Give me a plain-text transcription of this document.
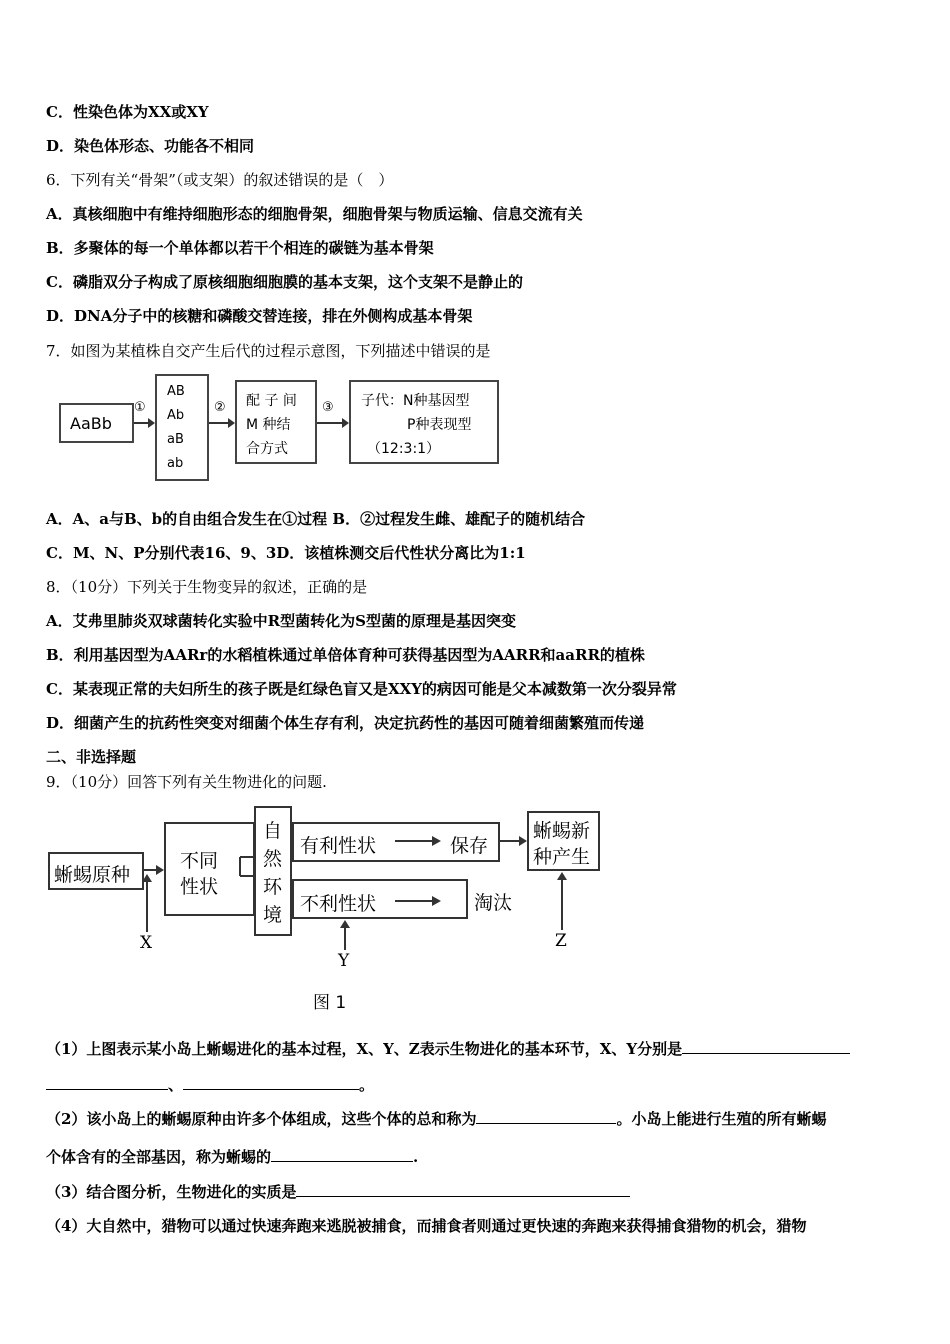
C．性染色体为XX或XY
D．染色体形态、功能各不相同
6．下列有关“骨架”（或支架）的叙述错误的是（　）
A．真核细胞中有维持细胞形态的细胞骨架，细胞骨架与物质运输、信息交流有关
B．多聚体的每一个单体都以若干个相连的碳链为基本骨架
C．磷脂双分子构成了原核细胞细胞膜的基本支架，这个支架不是静止的
D．DNA分子中的核糖和磷酸交替连接，排在外侧构成基本骨架
7．如图为某植株自交产生后代的过程示意图，下列描述中错误的是
AaBb
①	②	③
AB
Ab
aB
ab
配 子 间
M 种结
合方式
子代：N种基因型
P种表现型
（12:3:1）
A．A、a与B、b的自由组合发生在①过程 B．②过程发生雌、雄配子的随机结合
C．M、N、P分别代表16、9、3D．该植株测交后代性状分离比为1:1
8．（10分）下列关于生物变异的叙述，正确的是
A．艾弗里肺炎双球菌转化实验中R型菌转化为S型菌的原理是基因突变
B．利用基因型为AARr的水稻植株通过单倍体育种可获得基因型为AARR和aaRR的植株
C．某表现正常的夫妇所生的孩子既是红绿色盲又是XXY的病因可能是父本减数第一次分裂异常
D．细菌产生的抗药性突变对细菌个体生存有利，决定抗药性的基因可随着细菌繁殖而传递
二、非选择题
9．（10分）回答下列有关生物进化的问题.
蜥蜴原种
不同
性状
自
然
环
境
有利性状	保存
不利性状	淘汰
蜥蜴新
种产生
X
Y
Z
图 1
（1）上图表示某小岛上蜥蜴进化的基本过程，X、Y、Z表示生物进化的基本环节，X、Y分别是
、	。
（2）该小岛上的蜥蜴原种由许多个体组成，这些个体的总和称为	。小岛上能进行生殖的所有蜥蜴
个体含有的全部基因，称为蜥蜴的	.
（3）结合图分析，生物进化的实质是
（4）大自然中，猎物可以通过快速奔跑来逃脱被捕食，而捕食者则通过更快速的奔跑来获得捕食猎物的机会，猎物
